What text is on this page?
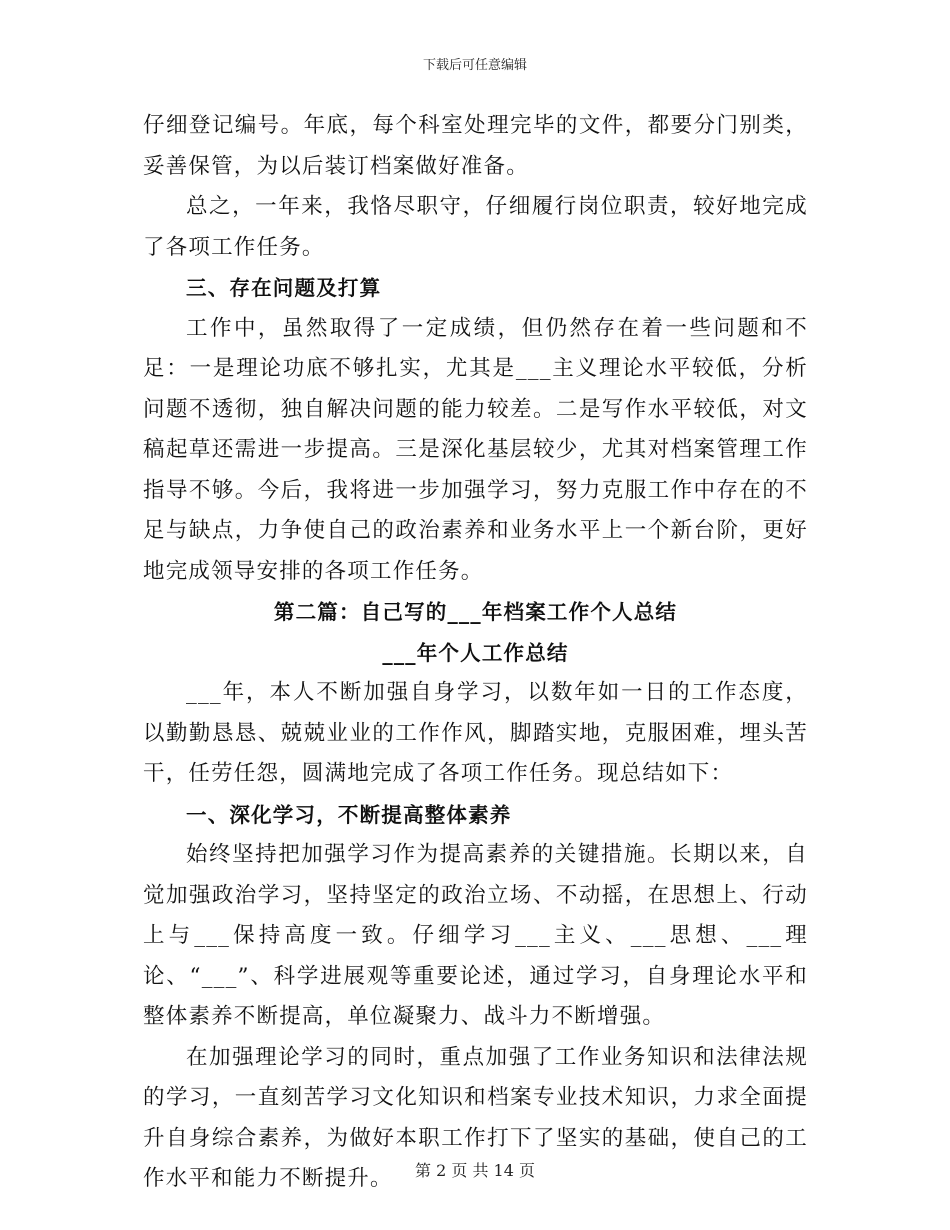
下载后可任意编辑

仔细登记编号。年底，每个科室处理完毕的文件，都要分门别类，妥善保管，为以后装订档案做好准备。

总之，一年来，我恪尽职守，仔细履行岗位职责，较好地完成了各项工作任务。

三、存在问题及打算

工作中，虽然取得了一定成绩，但仍然存在着一些问题和不足：一是理论功底不够扎实，尤其是___主义理论水平较低，分析问题不透彻，独自解决问题的能力较差。二是写作水平较低，对文稿起草还需进一步提高。三是深化基层较少，尤其对档案管理工作指导不够。今后，我将进一步加强学习，努力克服工作中存在的不足与缺点，力争使自己的政治素养和业务水平上一个新台阶，更好地完成领导安排的各项工作任务。

第二篇：自己写的___年档案工作个人总结

___年个人工作总结

___年，本人不断加强自身学习，以数年如一日的工作态度，以勤勤恳恳、兢兢业业的工作作风，脚踏实地，克服困难，埋头苦干，任劳任怨，圆满地完成了各项工作任务。现总结如下：

一、深化学习，不断提高整体素养

始终坚持把加强学习作为提高素养的关键措施。长期以来，自觉加强政治学习，坚持坚定的政治立场、不动摇，在思想上、行动上与___保持高度一致。仔细学习___主义、___思想、___理论、“___”、科学进展观等重要论述，通过学习，自身理论水平和整体素养不断提高，单位凝聚力、战斗力不断增强。

在加强理论学习的同时，重点加强了工作业务知识和法律法规的学习，一直刻苦学习文化知识和档案专业技术知识，力求全面提升自身综合素养，为做好本职工作打下了坚实的基础，使自己的工作水平和能力不断提升。	第 2 页 共 14 页
